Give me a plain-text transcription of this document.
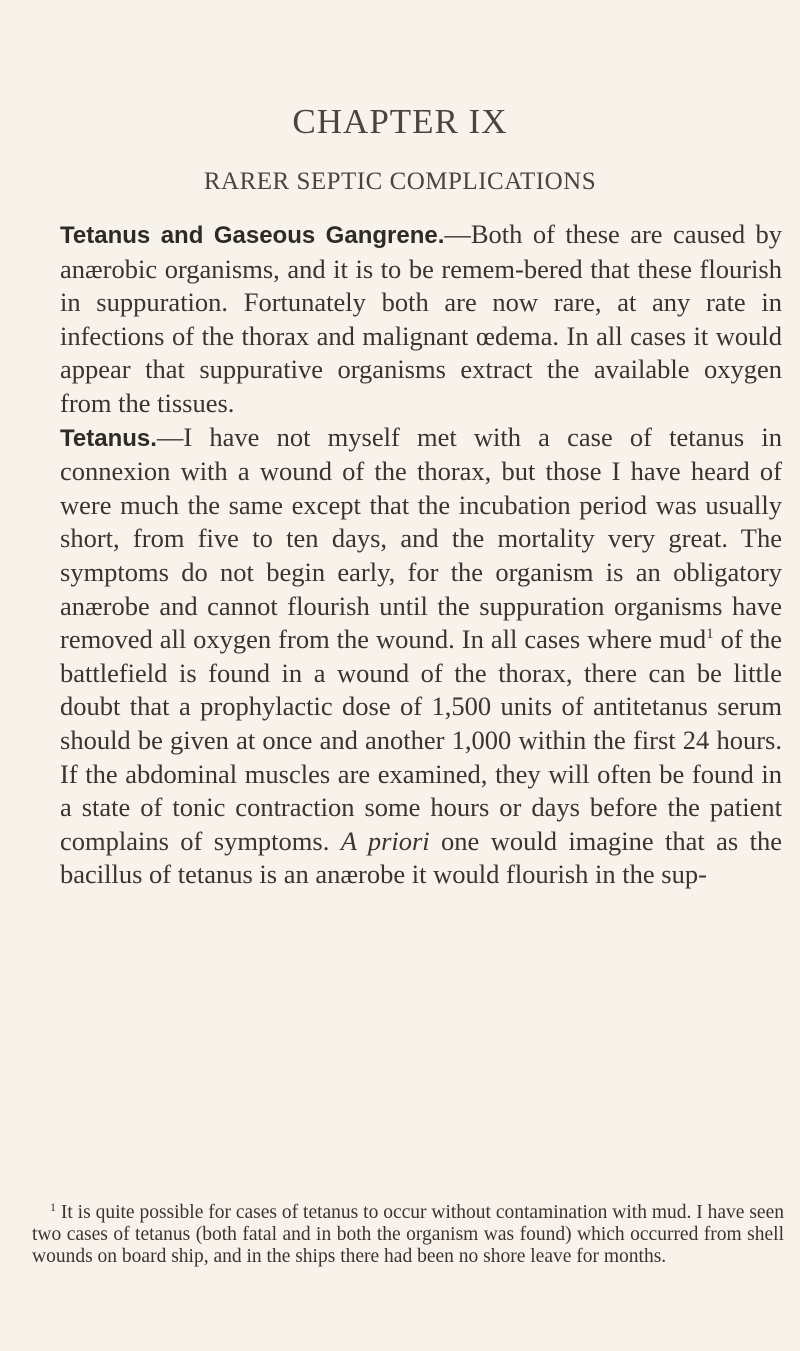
CHAPTER IX
RARER SEPTIC COMPLICATIONS

Tetanus and Gaseous Gangrene.—Both of these are caused by anærobic organisms, and it is to be remem-bered that these flourish in suppuration. Fortunately both are now rare, at any rate in infections of the thorax and malignant œdema. In all cases it would appear that suppurative organisms extract the available oxygen from the tissues.

Tetanus.—I have not myself met with a case of tetanus in connexion with a wound of the thorax, but those I have heard of were much the same except that the incubation period was usually short, from five to ten days, and the mortality very great. The symptoms do not begin early, for the organism is an obligatory anærobe and cannot flourish until the suppuration organisms have removed all oxygen from the wound. In all cases where mud$^1$ of the battlefield is found in a wound of the thorax, there can be little doubt that a prophylactic dose of 1,500 units of antitetanus serum should be given at once and another 1,000 within the first 24 hours. If the abdominal muscles are examined, they will often be found in a state of tonic contraction some hours or days before the patient complains of symptoms. A priori one would imagine that as the bacillus of tetanus is an anærobe it would flourish in the sup-

$^1$ It is quite possible for cases of tetanus to occur without contamination with mud. I have seen two cases of tetanus (both fatal and in both the organism was found) which occurred from shell wounds on board ship, and in the ships there had been no shore leave for months.
